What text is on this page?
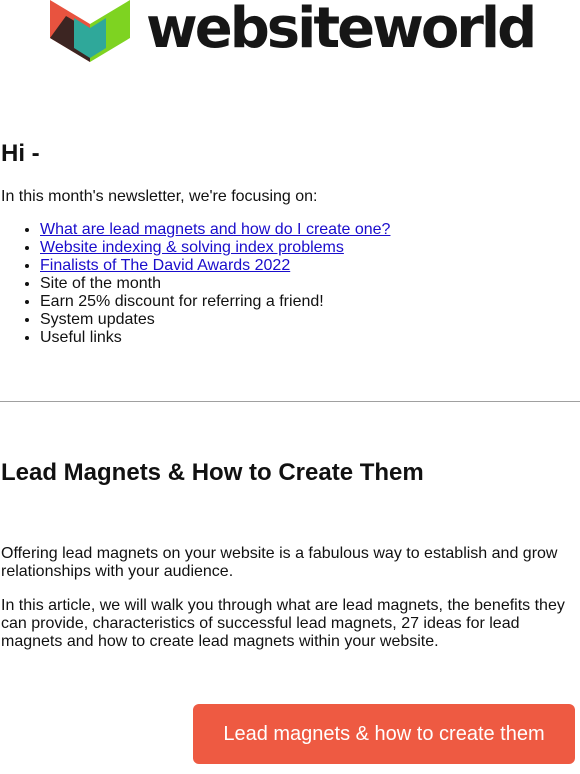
websiteworld
Hi -

In this month's newsletter, we're focusing on:

• What are lead magnets and how do I create one?
• Website indexing & solving index problems
• Finalists of The David Awards 2022
• Site of the month
• Earn 25% discount for referring a friend!
• System updates
• Useful links
Lead Magnets & How to Create Them

Offering lead magnets on your website is a fabulous way to establish and grow relationships with your audience.

In this article, we will walk you through what are lead magnets, the benefits they can provide, characteristics of successful lead magnets, 27 ideas for lead magnets and how to create lead magnets within your website.

Lead magnets & how to create them
